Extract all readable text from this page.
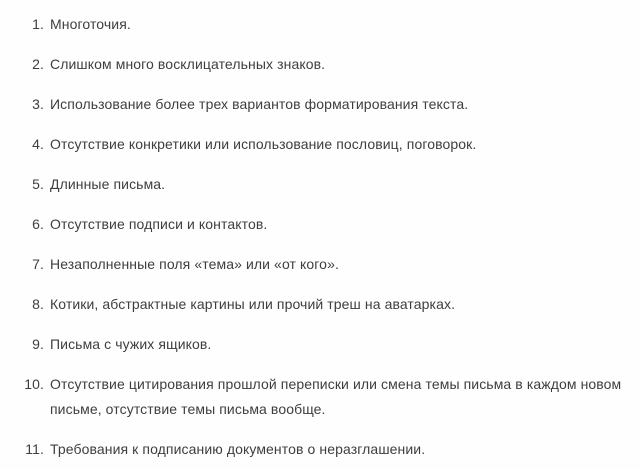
1. Многоточия.
2. Слишком много восклицательных знаков.
3. Использование более трех вариантов форматирования текста.
4. Отсутствие конкретики или использование пословиц, поговорок.
5. Длинные письма.
6. Отсутствие подписи и контактов.
7. Незаполненные поля «тема» или «от кого».
8. Котики, абстрактные картины или прочий треш на аватарках.
9. Письма с чужих ящиков.
10. Отсутствие цитирования прошлой переписки или смена темы письма в каждом новом письме, отсутствие темы письма вообще.
11. Требования к подписанию документов о неразглашении.
